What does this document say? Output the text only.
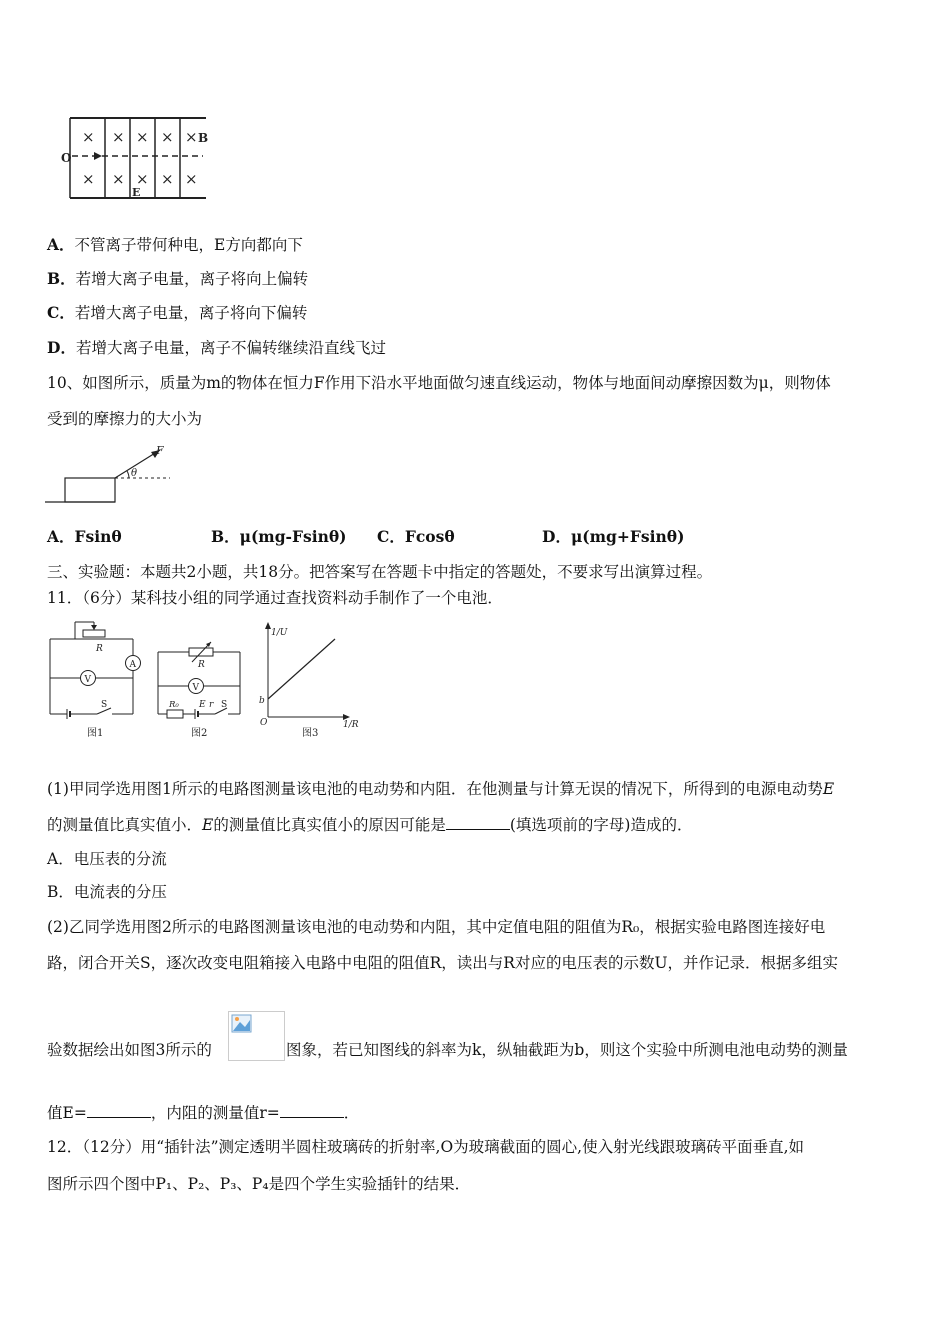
× × × × ×
× × × × ×
O
B
E
A．不管离子带何种电，E方向都向下
B．若增大离子电量，离子将向上偏转
C．若增大离子电量，离子将向下偏转
D．若增大离子电量，离子不偏转继续沿直线飞过
10、如图所示，质量为m的物体在恒力F作用下沿水平地面做匀速直线运动，物体与地面间动摩擦因数为μ，则物体
受到的摩擦力的大小为
F
θ
A．Fsinθ	B．μ(mg-Fsinθ) C．Fcosθ	D．μ(mg+Fsinθ)
三、实验题：本题共2小题，共18分。把答案写在答题卡中指定的答题处，不要求写出演算过程。
11．（6分）某科技小组的同学通过查找资料动手制作了一个电池．
A
R
V
S
图1
R
V
R₀ E r S
图2
1/U
1/R
b
O
图3
(1)甲同学选用图1所示的电路图测量该电池的电动势和内阻．在他测量与计算无误的情况下，所得到的电源电动势E
的测量值比真实值小．E的测量值比真实值小的原因可能是	(填选项前的字母)造成的．
A．电压表的分流
B．电流表的分压
(2)乙同学选用图2所示的电路图测量该电池的电动势和内阻，其中定值电阻的阻值为R₀，根据实验电路图连接好电
路，闭合开关S，逐次改变电阻箱接入电路中电阻的阻值R，读出与R对应的电压表的示数U，并作记录．根据多组实
验数据绘出如图3所示的	图象，若已知图线的斜率为k，纵轴截距为b，则这个实验中所测电池电动势的测量
值E=	，内阻的测量值r=	．
12．（12分）用“插针法”测定透明半圆柱玻璃砖的折射率,O为玻璃截面的圆心,使入射光线跟玻璃砖平面垂直,如
图所示四个图中P₁、P₂、P₃、P₄是四个学生实验插针的结果．
